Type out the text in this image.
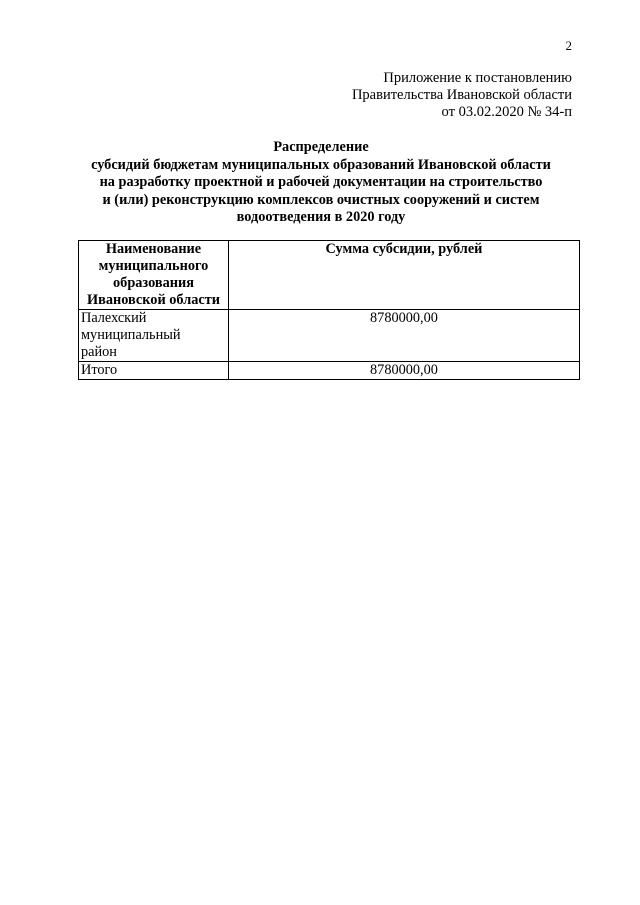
2
Приложение к постановлению
Правительства Ивановской области
от 03.02.2020 № 34-п
Распределение
субсидий бюджетам муниципальных образований Ивановской области
на разработку проектной и рабочей документации на строительство
и (или) реконструкцию комплексов очистных сооружений и систем
водоотведения в 2020 году
Наименование муниципального образования Ивановской области	Сумма субсидии, рублей

Палехский муниципальный район	8780000,00
Итого	8780000,00
